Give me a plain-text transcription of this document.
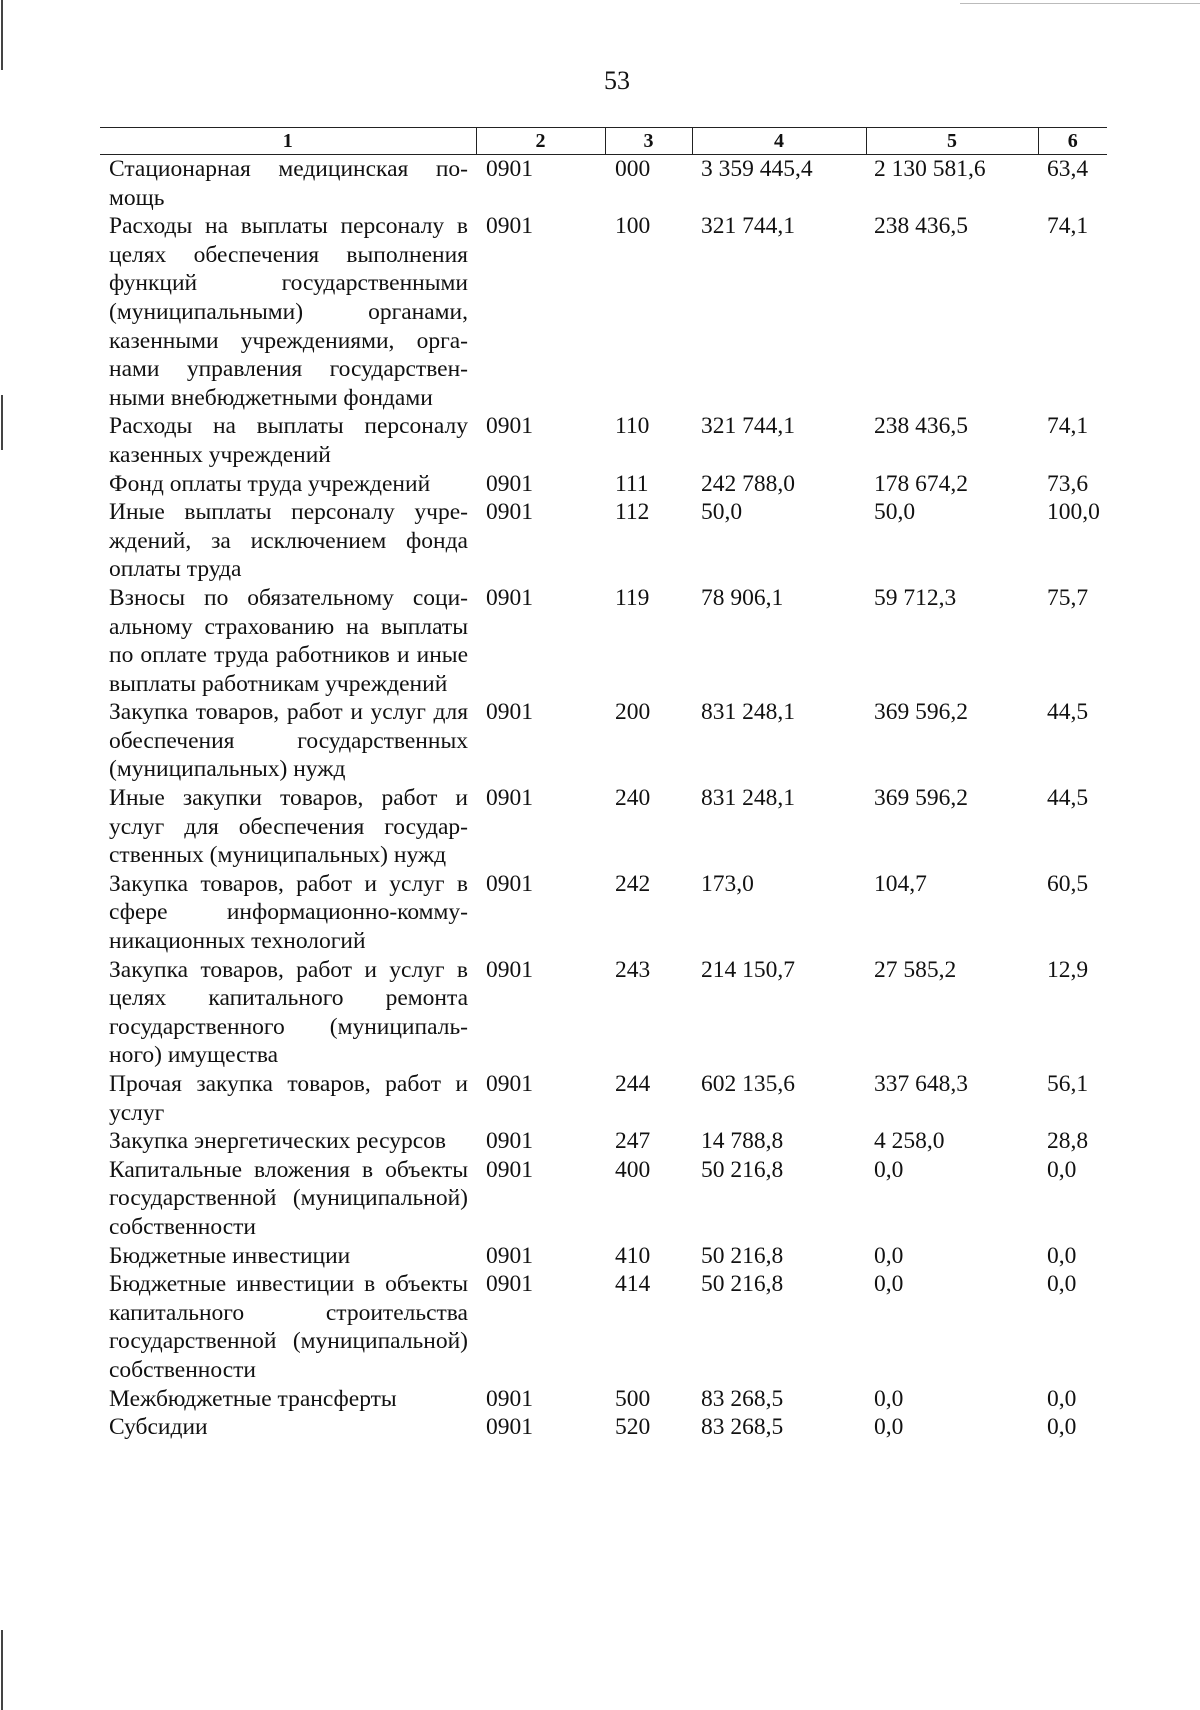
53
1	2	3	4	5	6
Стационарная медицинская помощь	0901	000	3 359 445,4	2 130 581,6	63,4
Расходы на выплаты персоналу в целях обеспечения выполнения функций государственными (муниципальными) органами, казенными учреждениями, органами управления государственными внебюджетными фондами	0901	100	321 744,1	238 436,5	74,1
Расходы на выплаты персоналу казенных учреждений	0901	110	321 744,1	238 436,5	74,1
Фонд оплаты труда учреждений	0901	111	242 788,0	178 674,2	73,6
Иные выплаты персоналу учреждений, за исключением фонда оплаты труда	0901	112	50,0	50,0	100,0
Взносы по обязательному социальному страхованию на выплаты по оплате труда работников и иные выплаты работникам учреждений	0901	119	78 906,1	59 712,3	75,7
Закупка товаров, работ и услуг для обеспечения государственных (муниципальных) нужд	0901	200	831 248,1	369 596,2	44,5
Иные закупки товаров, работ и услуг для обеспечения государственных (муниципальных) нужд	0901	240	831 248,1	369 596,2	44,5
Закупка товаров, работ и услуг в сфере информационно-коммуникационных технологий	0901	242	173,0	104,7	60,5
Закупка товаров, работ и услуг в целях капитального ремонта государственного (муниципального) имущества	0901	243	214 150,7	27 585,2	12,9
Прочая закупка товаров, работ и услуг	0901	244	602 135,6	337 648,3	56,1
Закупка энергетических ресурсов	0901	247	14 788,8	4 258,0	28,8
Капитальные вложения в объекты государственной (муниципальной) собственности	0901	400	50 216,8	0,0	0,0
Бюджетные инвестиции	0901	410	50 216,8	0,0	0,0
Бюджетные инвестиции в объекты капитального строительства государственной (муниципальной) собственности	0901	414	50 216,8	0,0	0,0
Межбюджетные трансферты	0901	500	83 268,5	0,0	0,0
Субсидии	0901	520	83 268,5	0,0	0,0
